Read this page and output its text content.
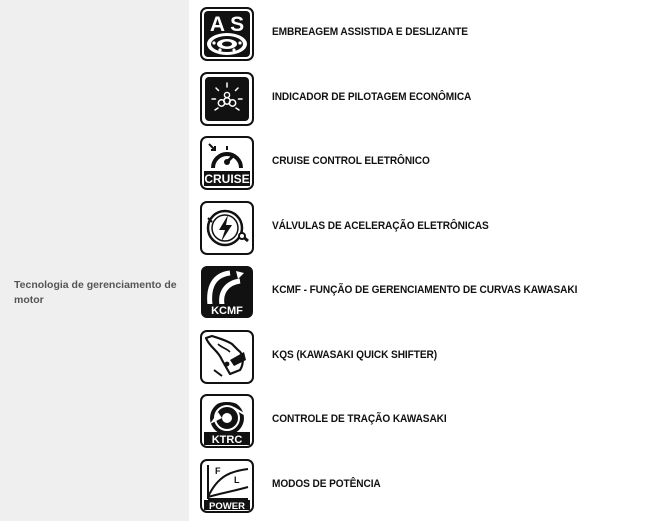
Tecnologia de gerenciamento de motor
A S	EMBREAGEM ASSISTIDA E DESLIZANTE
INDICADOR DE PILOTAGEM ECONÔMICA
CRUISE
CRUISE CONTROL ELETRÔNICO
VÁLVULAS DE ACELERAÇÃO ELETRÔNICAS
KCMF
KCMF - FUNÇÃO DE GERENCIAMENTO DE CURVAS KAWASAKI
KQS (KAWASAKI QUICK SHIFTER)
KTRC
CONTROLE DE TRAÇÃO KAWASAKI
F
L
POWER
MODOS DE POTÊNCIA
